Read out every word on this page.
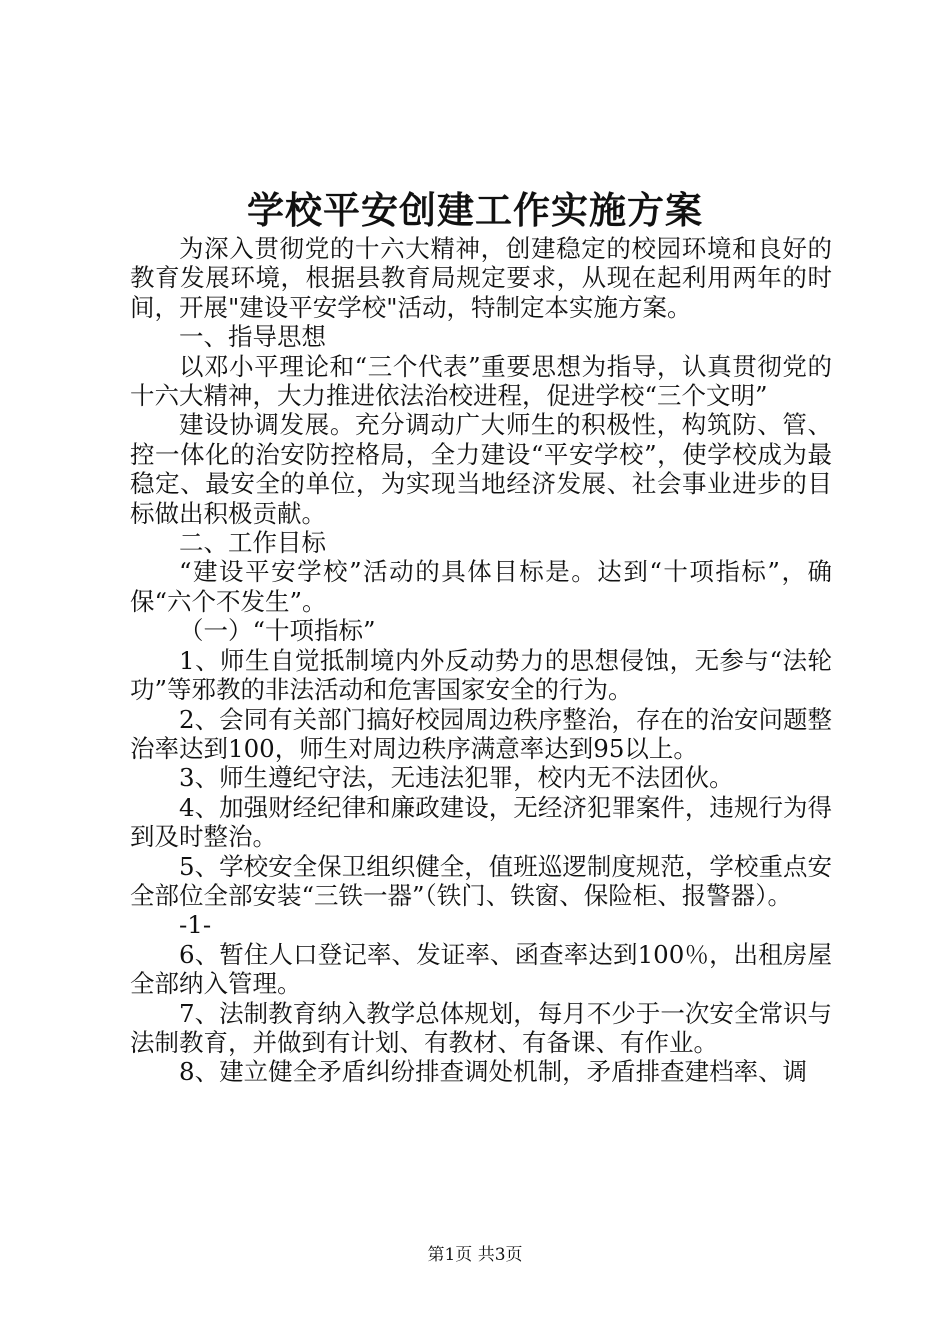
学校平安创建工作实施方案

为深入贯彻党的十六大精神，创建稳定的校园环境和良好的教育发展环境，根据县教育局规定要求，从现在起利用两年的时间，开展"建设平安学校"活动，特制定本实施方案。

一、指导思想

以邓小平理论和“三个代表”重要思想为指导，认真贯彻党的十六大精神，大力推进依法治校进程，促进学校“三个文明”

建设协调发展。充分调动广大师生的积极性，构筑防、管、控一体化的治安防控格局，全力建设“平安学校”，使学校成为最稳定、最安全的单位，为实现当地经济发展、社会事业进步的目标做出积极贡献。

二、工作目标

“建设平安学校”活动的具体目标是。达到“十项指标”，确保“六个不发生”。

（一）“十项指标”

1、师生自觉抵制境内外反动势力的思想侵蚀，无参与“法轮功”等邪教的非法活动和危害国家安全的行为。

2、会同有关部门搞好校园周边秩序整治，存在的治安问题整治率达到100，师生对周边秩序满意率达到95以上。

3、师生遵纪守法，无违法犯罪，校内无不法团伙。

4、加强财经纪律和廉政建设，无经济犯罪案件，违规行为得到及时整治。

5、学校安全保卫组织健全，值班巡逻制度规范，学校重点安全部位全部安装“三铁一器”（铁门、铁窗、保险柜、报警器）。

-1-

6、暂住人口登记率、发证率、函查率达到100％，出租房屋全部纳入管理。

7、法制教育纳入教学总体规划，每月不少于一次安全常识与法制教育，并做到有计划、有教材、有备课、有作业。

8、建立健全矛盾纠纷排查调处机制，矛盾排查建档率、调

第1页 共3页
